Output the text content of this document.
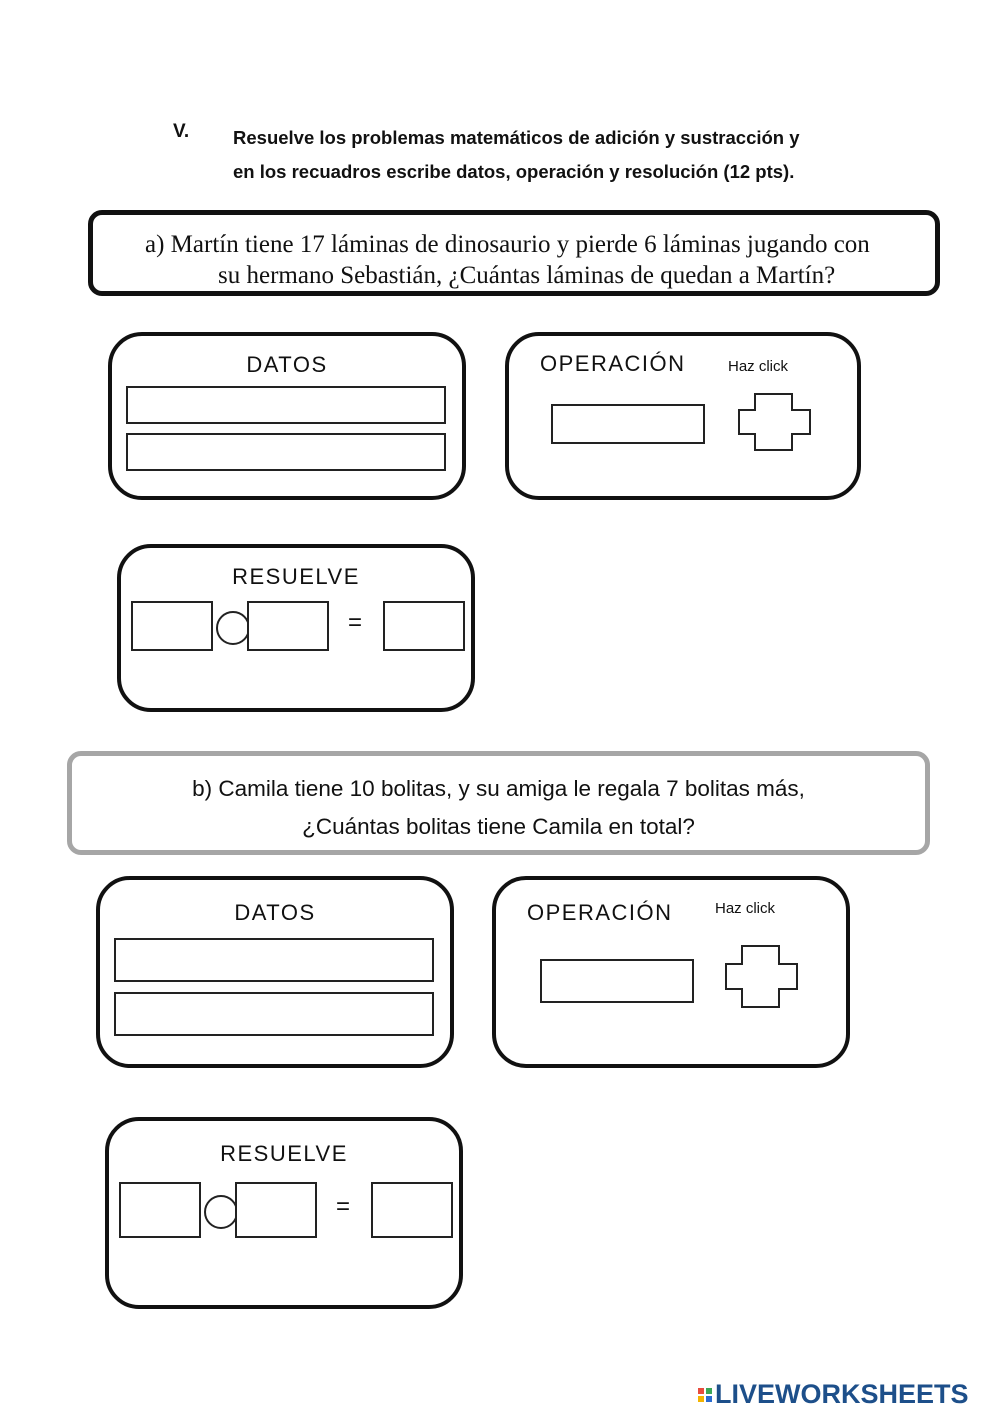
V. Resuelve los problemas matemáticos de adición y sustracción y
en los recuadros escribe datos, operación y resolución (12 pts).
a) Martín tiene 17 láminas de dinosaurio y pierde 6 láminas jugando con
su hermano Sebastián, ¿Cuántas láminas de quedan a Martín?
DATOS	OPERACIÓN	Haz click
RESUELVE
=
b) Camila tiene 10 bolitas, y su amiga le regala 7 bolitas más,
¿Cuántas bolitas tiene Camila en total?
DATOS	OPERACIÓN	Haz click
RESUELVE
=
LIVEWORKSHEETS
